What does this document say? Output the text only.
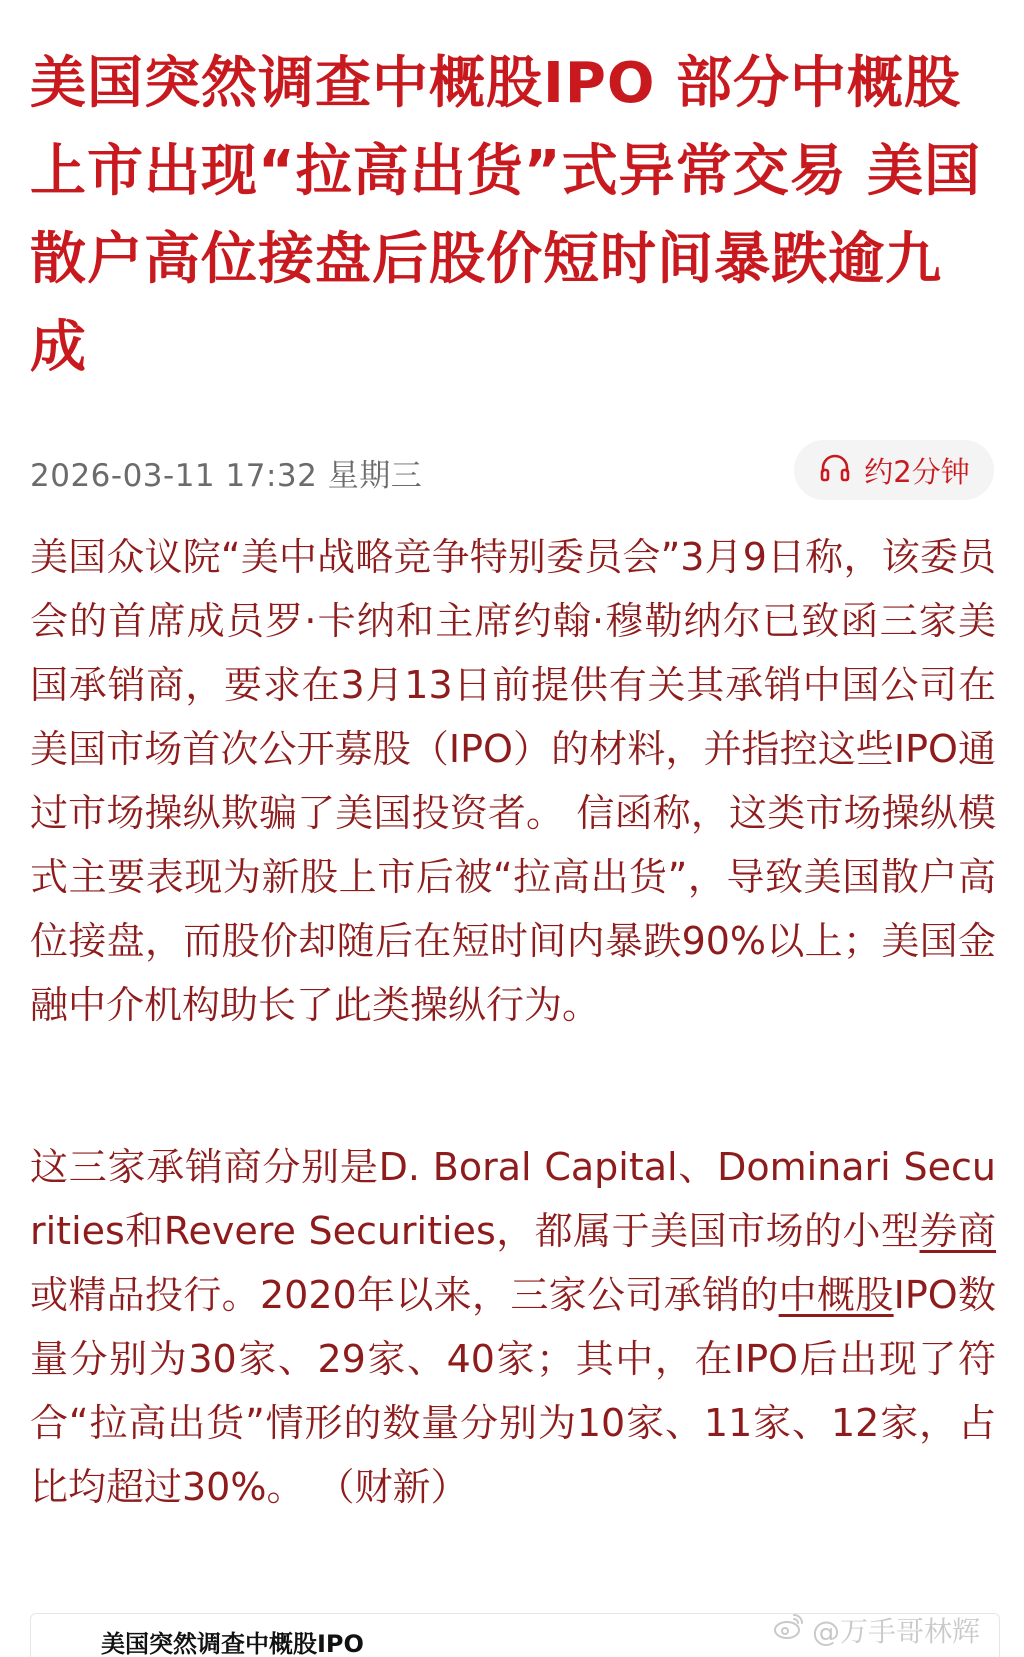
美国突然调查中概股IPO 部分中概股上市出现“拉高出货”式异常交易 美国散户高位接盘后股价短时间暴跌逾九成
2026-03-11 17:32 星期三	约2分钟
美国众议院“美中战略竞争特别委员会”3月9日称，该委员会的首席成员罗·卡纳和主席约翰·穆勒纳尔已致函三家美国承销商，要求在3月13日前提供有关其承销中国公司在美国市场首次公开募股（IPO）的材料，并指控这些IPO通过市场操纵欺骗了美国投资者。 信函称，这类市场操纵模式主要表现为新股上市后被“拉高出货”，导致美国散户高位接盘，而股价却随后在短时间内暴跌90%以上；美国金融中介机构助长了此类操纵行为。
这三家承销商分别是D. Boral Capital、Dominari Securities和Revere Securities，都属于美国市场的小型券商或精品投行。2020年以来，三家公司承销的中概股IPO数量分别为30家、29家、40家；其中，在IPO后出现了符合“拉高出货”情形的数量分别为10家、11家、12家，占比均超过30%。 （财新）
美国突然调查中概股IPO	@万手哥林辉
